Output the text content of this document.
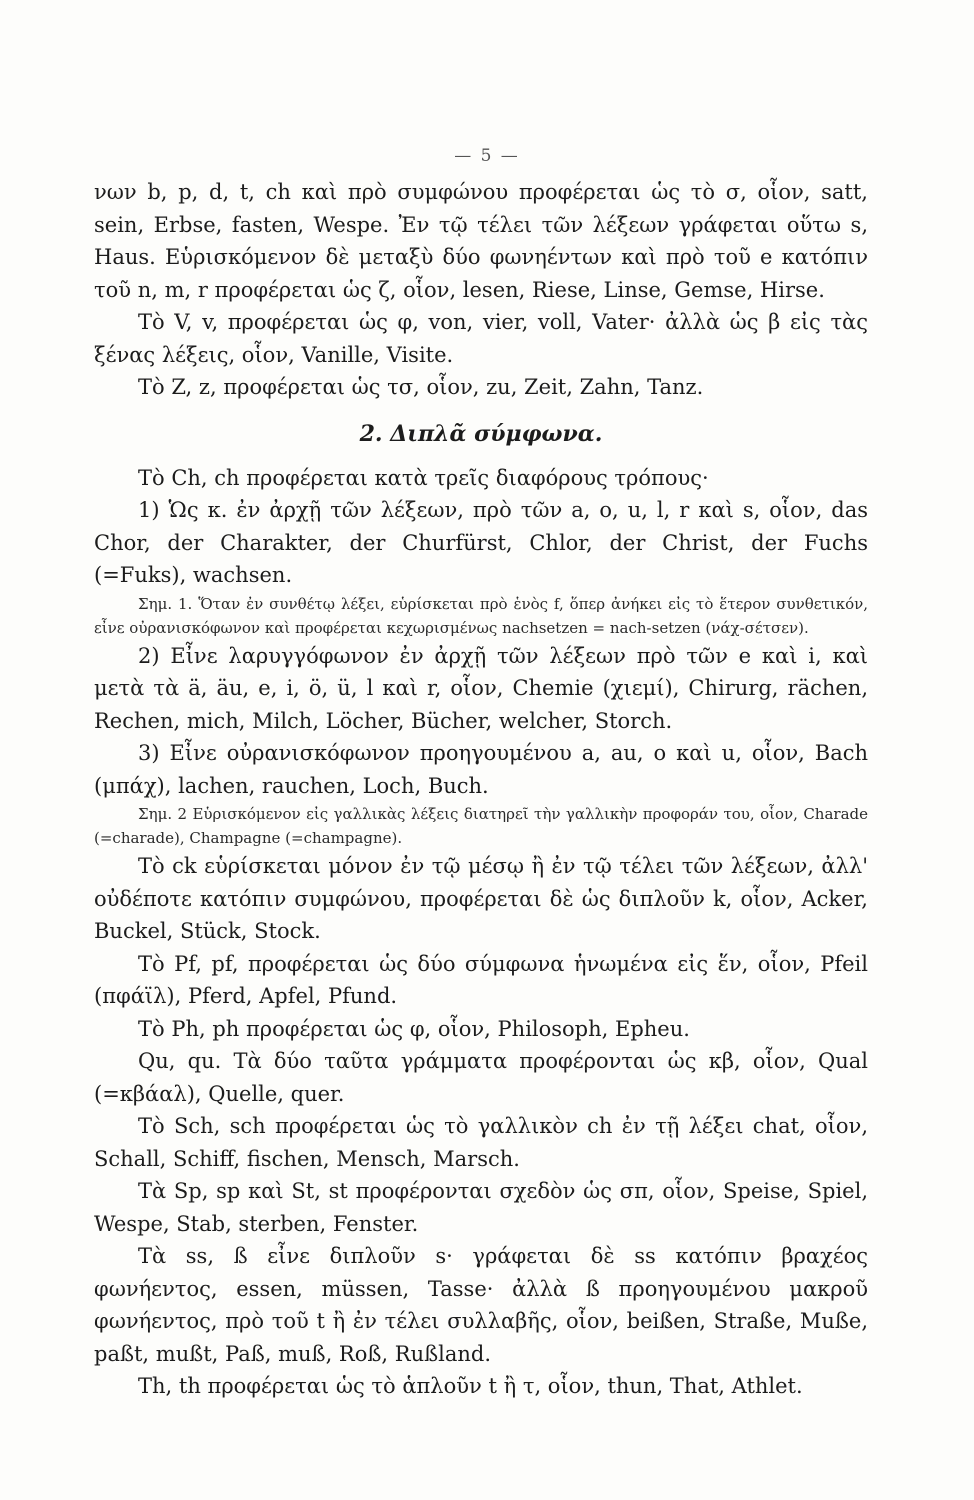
— 5 —

νων b, p, d, t, ch καὶ πρὸ συμφώνου προφέρεται ὡς τὸ σ, οἷον, satt, sein, Erbse, fasten, Wespe. Ἐν τῷ τέλει τῶν λέξεων γράφεται οὕτω s, Haus. Εὑρισκόμενον δὲ μεταξὺ δύο φωνηέντων καὶ πρὸ τοῦ e κατόπιν τοῦ n, m, r προφέρεται ὡς ζ, οἷον, lesen, Riese, Linse, Gemse, Hirse.

Τὸ V, v, προφέρεται ὡς φ, von, vier, voll, Vater· ἀλλὰ ὡς β εἰς τὰς ξένας λέξεις, οἷον, Vanille, Visite.

Τὸ Z, z, προφέρεται ὡς τσ, οἷον, zu, Zeit, Zahn, Tanz.

2. Διπλᾶ σύμφωνα.

Τὸ Ch, ch προφέρεται κατὰ τρεῖς διαφόρους τρόπους·

1) Ὡς κ. ἐν ἀρχῇ τῶν λέξεων, πρὸ τῶν a, o, u, l, r καὶ s, οἷον, das Chor, der Charakter, der Churfürst, Chlor, der Christ, der Fuchs (=Fuks), wachsen.

Σημ. 1. Ὅταν ἐν συνθέτῳ λέξει, εὑρίσκεται πρὸ ἑνὸς f, ὅπερ ἀνήκει εἰς τὸ ἕτερον συνθετικόν, εἶνε οὐρανισκόφωνον καὶ προφέρεται κεχωρισμένως nachsetzen = nach-setzen (νάχ-σέτσεν).

2) Εἶνε λαρυγγόφωνον ἐν ἀρχῇ τῶν λέξεων πρὸ τῶν e καὶ i, καὶ μετὰ τὰ ä, äu, e, i, ö, ü, l καὶ r, οἷον, Chemie (χιεμί), Chirurg, rächen, Rechen, mich, Milch, Löcher, Bücher, welcher, Storch.

3) Εἶνε οὐρανισκόφωνον προηγουμένου a, au, o καὶ u, οἷον, Bach (μπάχ), lachen, rauchen, Loch, Buch.

Σημ. 2 Εὑρισκόμενον εἰς γαλλικὰς λέξεις διατηρεῖ τὴν γαλλικὴν προφοράν του, οἷον, Charade (=charade), Champagne (=champagne).

Τὸ ck εὑρίσκεται μόνον ἐν τῷ μέσῳ ἢ ἐν τῷ τέλει τῶν λέξεων, ἀλλ' οὐδέποτε κατόπιν συμφώνου, προφέρεται δὲ ὡς διπλοῦν k, οἷον, Acker, Buckel, Stück, Stock.

Τὸ Pf, pf, προφέρεται ὡς δύο σύμφωνα ἡνωμένα εἰς ἕν, οἷον, Pfeil (πφάϊλ), Pferd, Apfel, Pfund.

Τὸ Ph, ph προφέρεται ὡς φ, οἷον, Philosoph, Epheu.

Qu, qu. Τὰ δύο ταῦτα γράμματα προφέρονται ὡς κβ, οἷον, Qual (=κβάαλ), Quelle, quer.

Τὸ Sch, sch προφέρεται ὡς τὸ γαλλικὸν ch ἐν τῇ λέξει chat, οἷον, Schall, Schiff, fischen, Mensch, Marsch.

Τὰ Sp, sp καὶ St, st προφέρονται σχεδὸν ὡς σπ, οἷον, Speise, Spiel, Wespe, Stab, sterben, Fenster.

Τὰ ss, ß εἶνε διπλοῦν s· γράφεται δὲ ss κατόπιν βραχέος φωνήεντος, essen, müssen, Tasse· ἀλλὰ ß προηγουμένου μακροῦ φωνήεντος, πρὸ τοῦ t ἢ ἐν τέλει συλλαβῆς, οἷον, beißen, Straße, Muße, paßt, mußt, Paß, muß, Roß, Rußland.

Th, th προφέρεται ὡς τὸ ἁπλοῦν t ἢ τ, οἷον, thun, That, Athlet.
